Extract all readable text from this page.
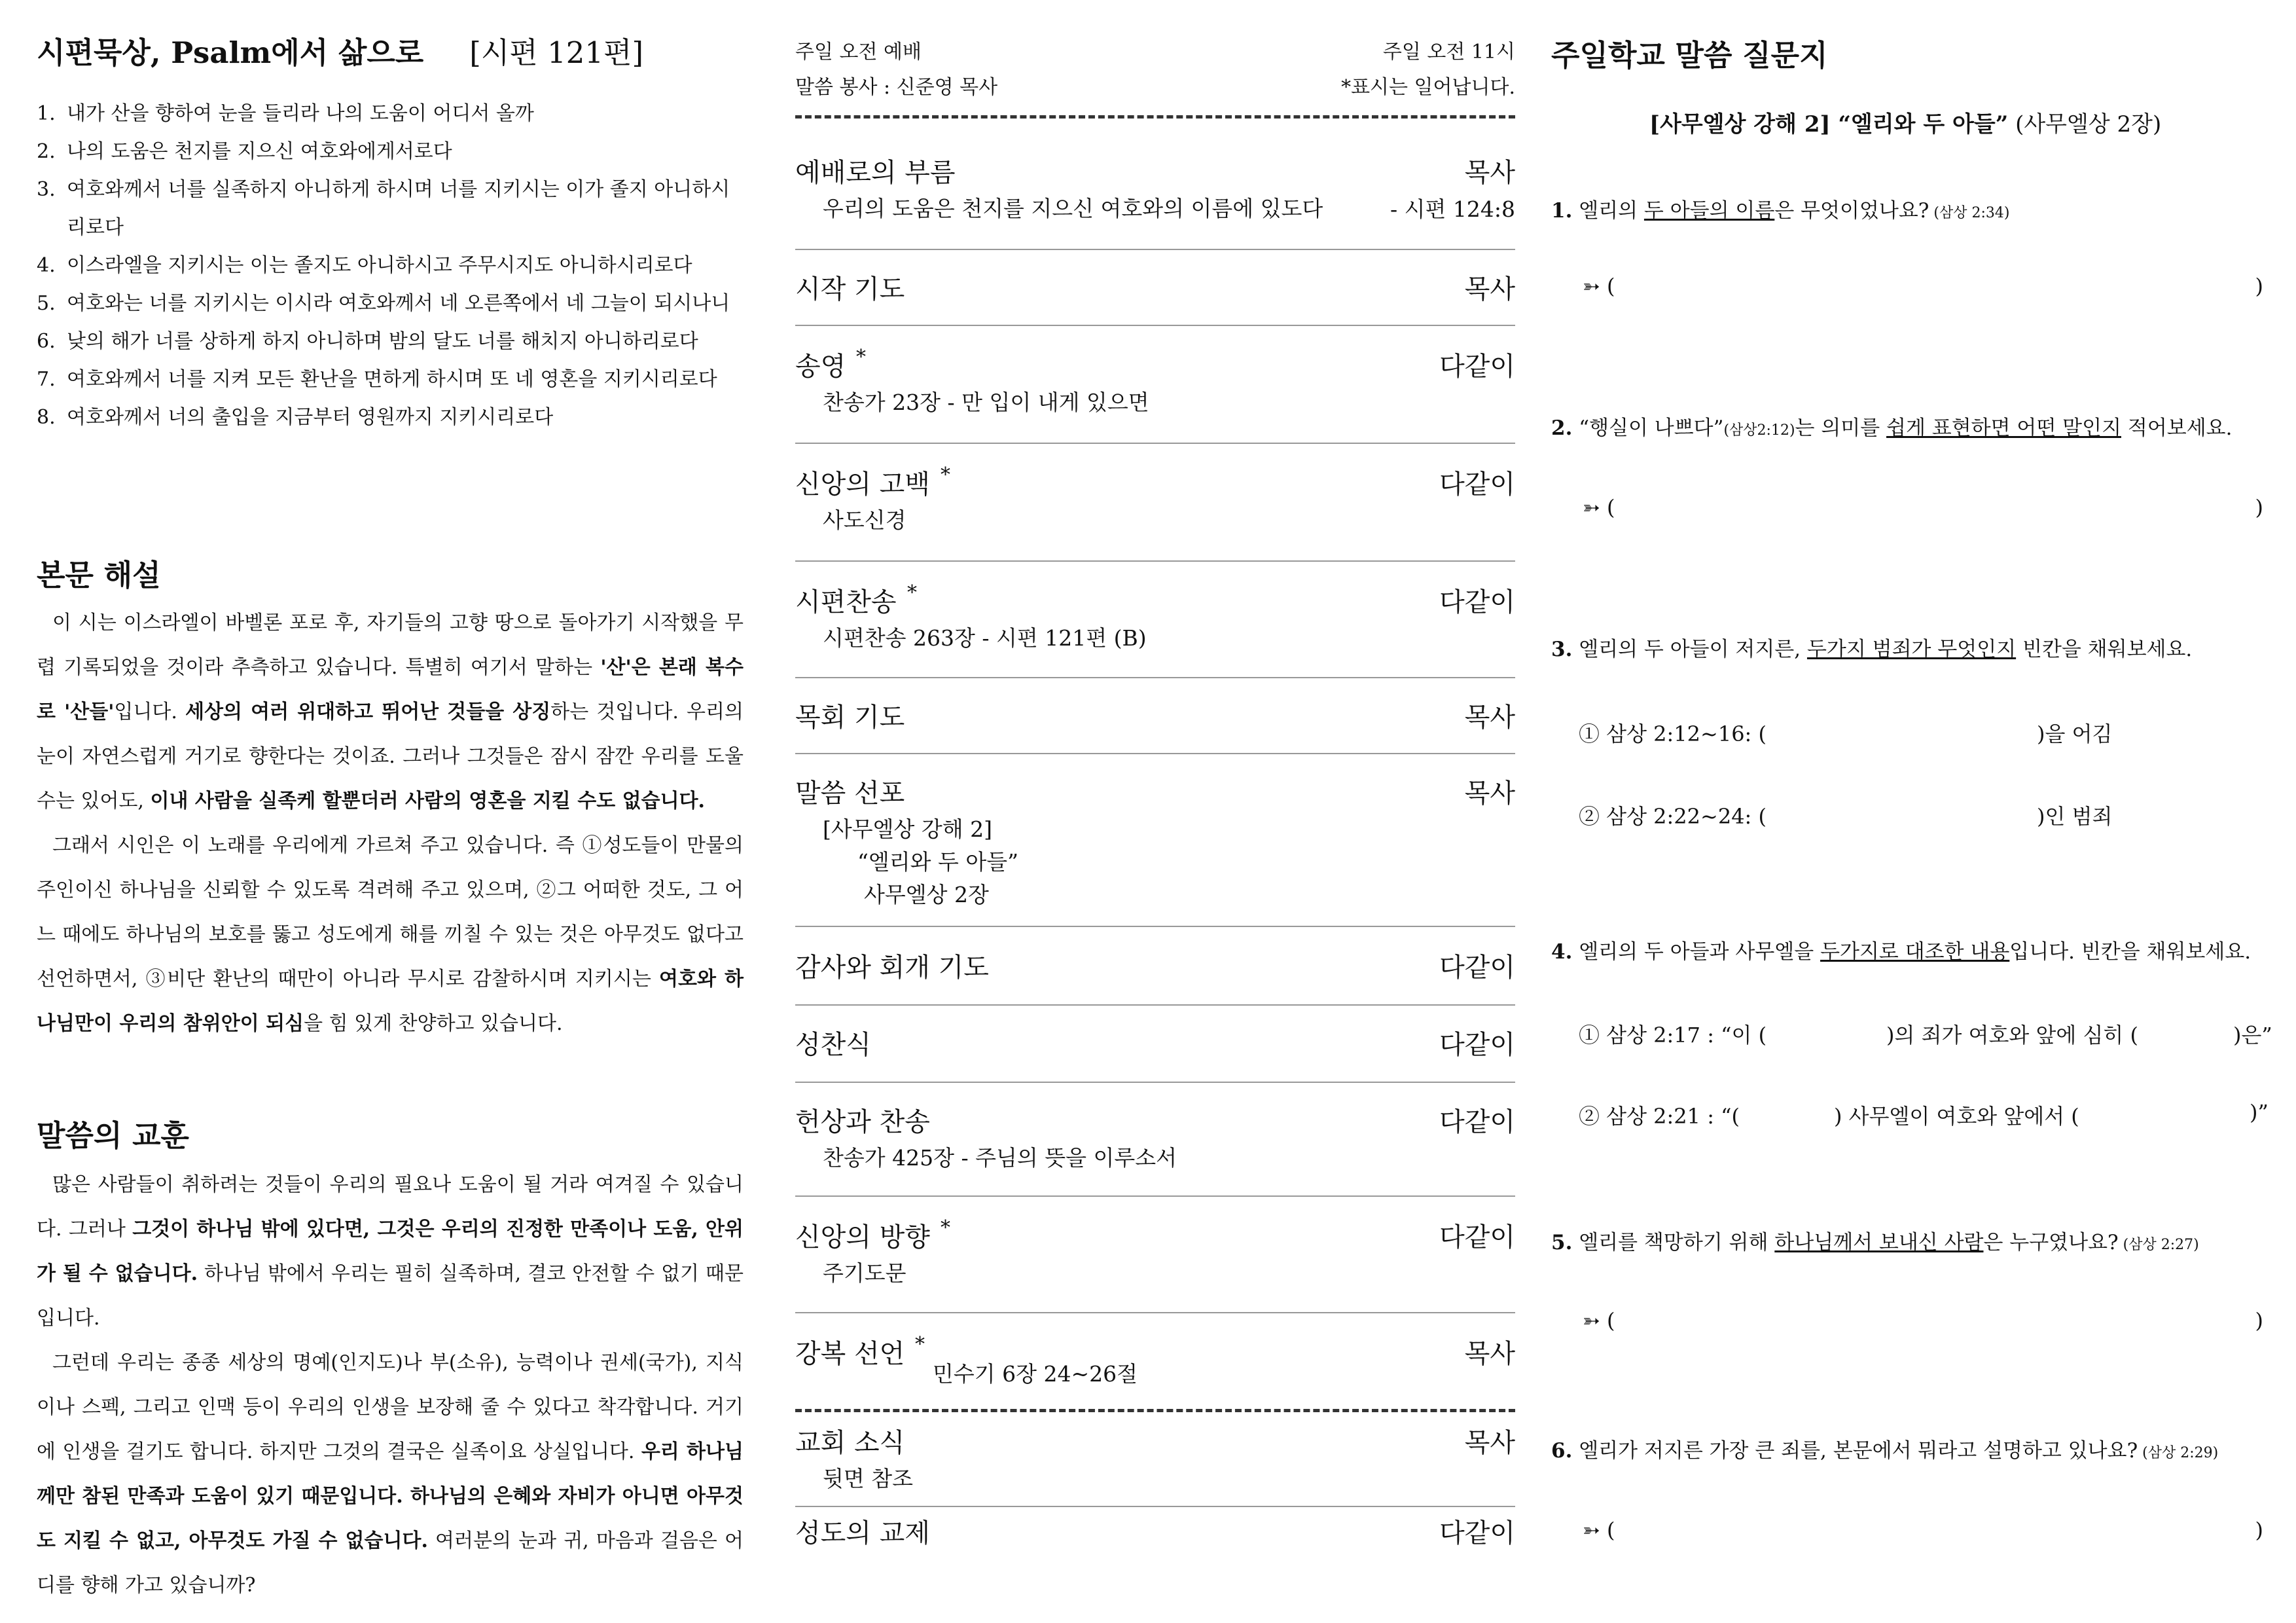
시편묵상, Psalm에서 삶으로 [시편 121편]
1. 내가 산을 향하여 눈을 들리라 나의 도움이 어디서 올까
2. 나의 도움은 천지를 지으신 여호와에게서로다
3. 여호와께서 너를 실족하지 아니하게 하시며 너를 지키시는 이가 졸지 아니하시리로다
4. 이스라엘을 지키시는 이는 졸지도 아니하시고 주무시지도 아니하시리로다
5. 여호와는 너를 지키시는 이시라 여호와께서 네 오른쪽에서 네 그늘이 되시나니
6. 낮의 해가 너를 상하게 하지 아니하며 밤의 달도 너를 해치지 아니하리로다
7. 여호와께서 너를 지켜 모든 환난을 면하게 하시며 또 네 영혼을 지키시리로다
8. 여호와께서 너의 출입을 지금부터 영원까지 지키시리로다
본문 해설

이 시는 이스라엘이 바벨론 포로 후, 자기들의 고향 땅으로 돌아가기 시작했을 무렵 기록되었을 것이라 추측하고 있습니다. 특별히 여기서 말하는 '산'은 본래 복수로 '산들'입니다. 세상의 여러 위대하고 뛰어난 것들을 상징하는 것입니다. 우리의 눈이 자연스럽게 거기로 향한다는 것이죠. 그러나 그것들은 잠시 잠깐 우리를 도울 수는 있어도, 이내 사람을 실족케 할뿐더러 사람의 영혼을 지킬 수도 없습니다.

그래서 시인은 이 노래를 우리에게 가르쳐 주고 있습니다. 즉 ①성도들이 만물의 주인이신 하나님을 신뢰할 수 있도록 격려해 주고 있으며, ②그 어떠한 것도, 그 어느 때에도 하나님의 보호를 뚫고 성도에게 해를 끼칠 수 있는 것은 아무것도 없다고 선언하면서, ③비단 환난의 때만이 아니라 무시로 감찰하시며 지키시는 여호와 하나님만이 우리의 참위안이 되심을 힘 있게 찬양하고 있습니다.

말씀의 교훈

많은 사람들이 취하려는 것들이 우리의 필요나 도움이 될 거라 여겨질 수 있습니다. 그러나 그것이 하나님 밖에 있다면, 그것은 우리의 진정한 만족이나 도움, 안위가 될 수 없습니다. 하나님 밖에서 우리는 필히 실족하며, 결코 안전할 수 없기 때문입니다.

그런데 우리는 종종 세상의 명예(인지도)나 부(소유), 능력이나 권세(국가), 지식이나 스펙, 그리고 인맥 등이 우리의 인생을 보장해 줄 수 있다고 착각합니다. 거기에 인생을 걸기도 합니다. 하지만 그것의 결국은 실족이요 상실입니다. 우리 하나님께만 참된 만족과 도움이 있기 때문입니다. 하나님의 은혜와 자비가 아니면 아무것도 지킬 수 없고, 아무것도 가질 수 없습니다. 여러분의 눈과 귀, 마음과 걸음은 어디를 향해 가고 있습니까?

주일 오전 예배	주일 오전 11시
말씀 봉사 : 신준영 목사	*표시는 일어납니다.
예배로의 부름	목사
우리의 도움은 천지를 지으신 여호와의 이름에 있도다	- 시편 124:8
시작 기도	목사
송영 *	다같이
찬송가 23장 - 만 입이 내게 있으면
신앙의 고백 *	다같이
사도신경
시편찬송 *	다같이
시편찬송 263장 - 시편 121편 (B)
목회 기도	목사
말씀 선포	목사
[사무엘상 강해 2]
“엘리와 두 아들”
사무엘상 2장
감사와 회개 기도	다같이
성찬식	다같이
헌상과 찬송	다같이
찬송가 425장 - 주님의 뜻을 이루소서
신앙의 방향 *	다같이
주기도문
강복 선언 *	목사
민수기 6장 24~26절
교회 소식	목사
뒷면 참조
성도의 교제	다같이
주일학교 말씀 질문지
[사무엘상 강해 2] “엘리와 두 아들” (사무엘상 2장)
1. 엘리의 두 아들의 이름은 무엇이었나요? (삼상 2:34)
➳ (	)
2. “행실이 나쁘다”(삼상2:12)는 의미를 쉽게 표현하면 어떤 말인지 적어보세요.
➳ (	)
3. 엘리의 두 아들이 저지른, 두가지 범죄가 무엇인지 빈칸을 채워보세요.
① 삼상 2:12~16: (	)을 어김
② 삼상 2:22~24: (	)인 범죄
4. 엘리의 두 아들과 사무엘을 두가지로 대조한 내용입니다. 빈칸을 채워보세요.
① 삼상 2:17 : “이 (	)의 죄가 여호와 앞에 심히 (	)은”
② 삼상 2:21 : “(	) 사무엘이 여호와 앞에서 (	)”
5. 엘리를 책망하기 위해 하나님께서 보내신 사람은 누구였나요? (삼상 2:27)
➳ (	)
6. 엘리가 저지른 가장 큰 죄를, 본문에서 뭐라고 설명하고 있나요? (삼상 2:29)
➳ (	)
